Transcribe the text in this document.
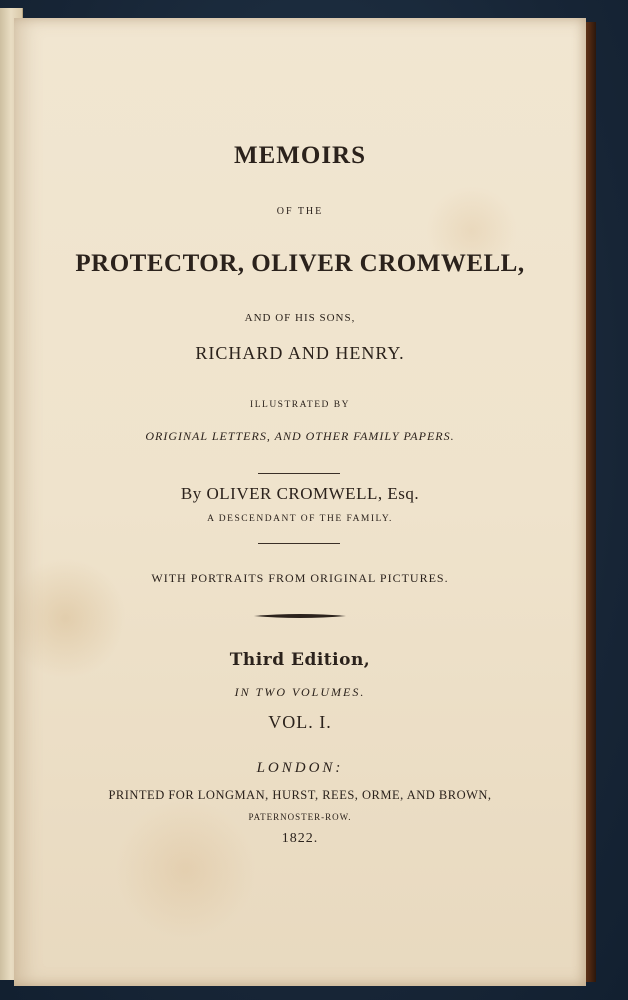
MEMOIRS

OF THE

PROTECTOR, OLIVER CROMWELL,

AND OF HIS SONS,

RICHARD AND HENRY.

ILLUSTRATED BY

ORIGINAL LETTERS, AND OTHER FAMILY PAPERS.

By OLIVER CROMWELL, Esq.

A DESCENDANT OF THE FAMILY.

WITH PORTRAITS FROM ORIGINAL PICTURES.

Third Edition,

IN TWO VOLUMES.

VOL. I.

LONDON:

PRINTED FOR LONGMAN, HURST, REES, ORME, AND BROWN,

PATERNOSTER-ROW.

1822.
